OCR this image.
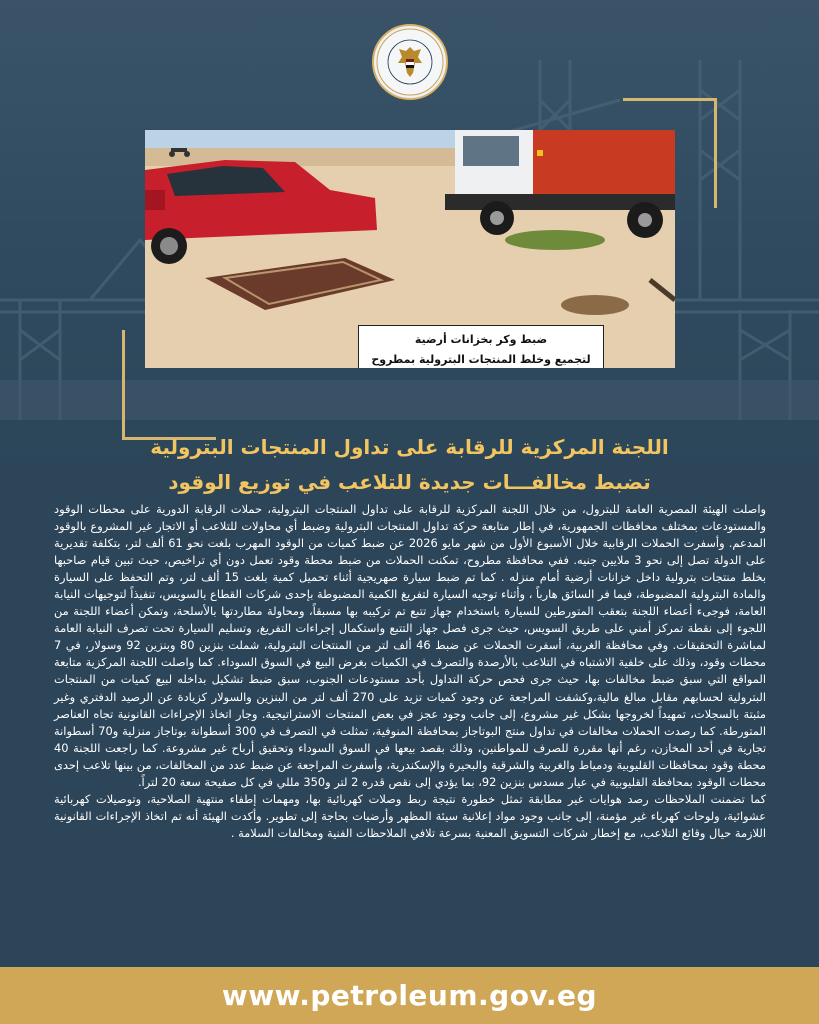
ضبط وكر بخزانات أرضية
لتجميع وخلط المنتجات البترولية بمطروح
اللجنة المركزية للرقابة على تداول المنتجات البترولية
تضبط مخالفـــات جديدة للتلاعب في توزيع الوقود

واصلت الهيئة المصرية العامة للبترول، من خلال اللجنة المركزية للرقابة على تداول المنتجات البترولية، حملات الرقابة الدورية على محطات الوقود والمستودعات بمختلف محافظات الجمهورية، في إطار متابعة حركة تداول المنتجات البترولية وضبط أي محاولات للتلاعب أو الاتجار غير المشروع بالوقود المدعم. وأسفرت الحملات الرقابية خلال الأسبوع الأول من شهر مايو 2026 عن ضبط كميات من الوقود المهرب بلغت نحو 61 ألف لتر، بتكلفة تقديرية على الدولة تصل إلى نحو 3 ملايين جنيه. ففي محافظة مطروح، تمكنت الحملات من ضبط محطة وقود تعمل دون أي تراخيص، حيث تبين قيام صاحبها بخلط منتجات بترولية داخل خزانات أرضية أمام منزله . كما تم ضبط سيارة صهريجية أثناء تحميل كمية بلغت 15 ألف لتر، وتم التحفظ على السيارة والمادة البترولية المضبوطة، فيما فر السائق هارباً ، وأثناء توجيه السيارة لتفريغ الكمية المضبوطة بإحدى شركات القطاع بالسويس، تنفيذاً لتوجيهات النيابة العامة، فوجىء أعضاء اللجنة بتعقب المتورطين للسيارة باستخدام جهاز تتبع تم تركيبه بها مسبقاً، ومحاولة مطاردتها بالأسلحة، وتمكن أعضاء اللجنة من اللجوء إلى نقطة تمركز أمني على طريق السويس، حيث جرى فصل جهاز التتبع واستكمال إجراءات التفريغ، وتسليم السيارة تحت تصرف النيابة العامة لمباشرة التحقيقات. وفي محافظة الغربية، أسفرت الحملات عن ضبط 46 ألف لتر من المنتجات البترولية، شملت بنزين 80 وبنزين 92 وسولار، في 7 محطات وقود، وذلك على خلفية الاشتباه في التلاعب بالأرصدة والتصرف في الكميات بغرض البيع في السوق السوداء. كما واصلت اللجنة المركزية متابعة المواقع التي سبق ضبط مخالفات بها، حيث جرى فحص حركة التداول بأحد مستودعات الجنوب، سبق ضبط تشكيل بداخله لبيع كميات من المنتجات البترولية لحسابهم مقابل مبالغ مالية،وكشفت المراجعة عن وجود كميات تزيد على 270 ألف لتر من البنزين والسولار كزيادة عن الرصيد الدفتري وغير مثبتة بالسجلات، تمهيداً لخروجها بشكل غير مشروع، إلى جانب وجود عجز في بعض المنتجات الاستراتيجية. وجار اتخاذ الإجراءات القانونية تجاه العناصر المتورطة. كما رصدت الحملات مخالفات في تداول منتج البوتاجاز بمحافظة المنوفية، تمثلت في التصرف في 300 أسطوانة بوتاجاز منزلية و70 أسطوانة تجارية في أحد المخازن، رغم أنها مقررة للصرف للمواطنين، وذلك بقصد بيعها في السوق السوداء وتحقيق أرباح غير مشروعة. كما راجعت اللجنة 40 محطة وقود بمحافظات القليوبية ودمياط والغربية والشرقية والبحيرة والإسكندرية، وأسفرت المراجعة عن ضبط عدد من المخالفات، من بينها تلاعب إحدى محطات الوقود بمحافظة القليوبية في عيار مسدس بنزين 92، بما يؤدي إلى نقص قدره 2 لتر و350 مللي في كل صفيحة سعة 20 لتراً.

كما تضمنت الملاحظات رصد هوايات غير مطابقة تمثل خطورة نتيجة ربط وصلات كهربائية بها، ومهمات إطفاء منتهية الصلاحية، وتوصيلات كهربائية عشوائية، ولوحات كهرباء غير مؤمنة، إلى جانب وجود مواد إعلانية سيئة المظهر وأرضيات بحاجة إلى تطوير. وأكدت الهيئة أنه تم اتخاذ الإجراءات القانونية اللازمة حيال وقائع التلاعب، مع إخطار شركات التسويق المعنية بسرعة تلافي الملاحظات الفنية ومخالفات السلامة .

www.petroleum.gov.eg
